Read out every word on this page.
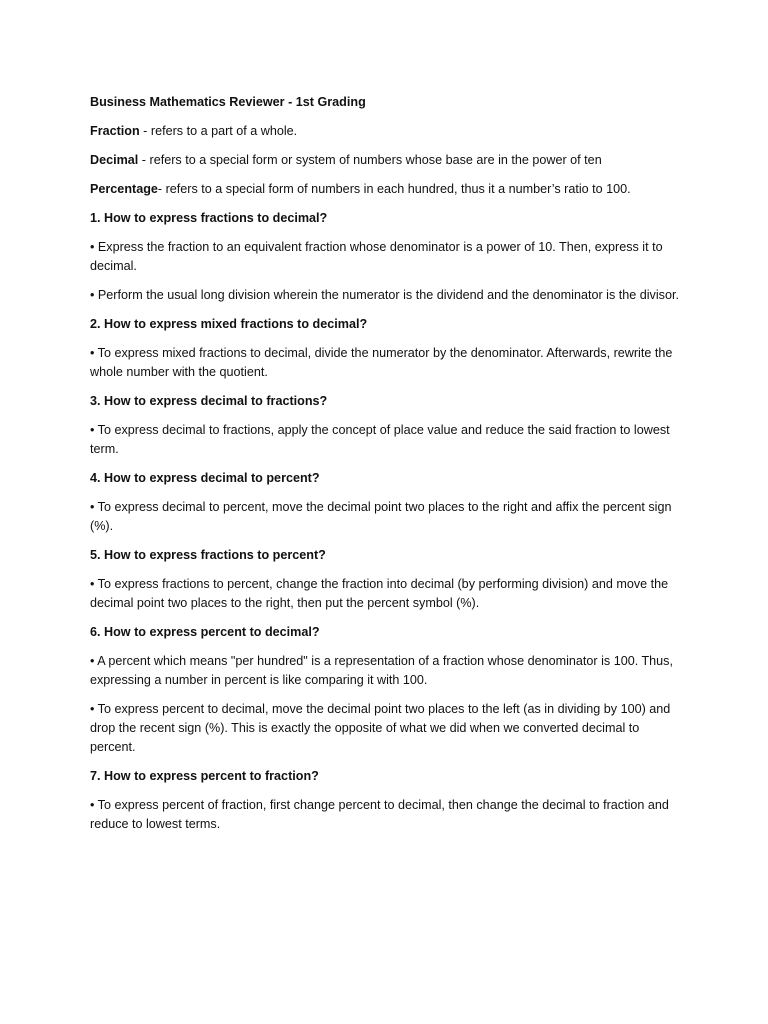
Business Mathematics Reviewer - 1st Grading

Fraction - refers to a part of a whole.

Decimal - refers to a special form or system of numbers whose base are in the power of ten

Percentage- refers to a special form of numbers in each hundred, thus it a number’s ratio to 100.

1. How to express fractions to decimal?

• Express the fraction to an equivalent fraction whose denominator is a power of 10. Then, express it to decimal.

• Perform the usual long division wherein the numerator is the dividend and the denominator is the divisor.

2. How to express mixed fractions to decimal?

• To express mixed fractions to decimal, divide the numerator by the denominator. Afterwards, rewrite the whole number with the quotient.

3. How to express decimal to fractions?

• To express decimal to fractions, apply the concept of place value and reduce the said fraction to lowest term.

4. How to express decimal to percent?

• To express decimal to percent, move the decimal point two places to the right and affix the percent sign (%).

5. How to express fractions to percent?

• To express fractions to percent, change the fraction into decimal (by performing division) and move the decimal point two places to the right, then put the percent symbol (%).

6. How to express percent to decimal?

• A percent which means "per hundred" is a representation of a fraction whose denominator is 100. Thus, expressing a number in percent is like comparing it with 100.

• To express percent to decimal, move the decimal point two places to the left (as in dividing by 100) and drop the recent sign (%). This is exactly the opposite of what we did when we converted decimal to percent.

7. How to express percent to fraction?

• To express percent of fraction, first change percent to decimal, then change the decimal to fraction and reduce to lowest terms.
